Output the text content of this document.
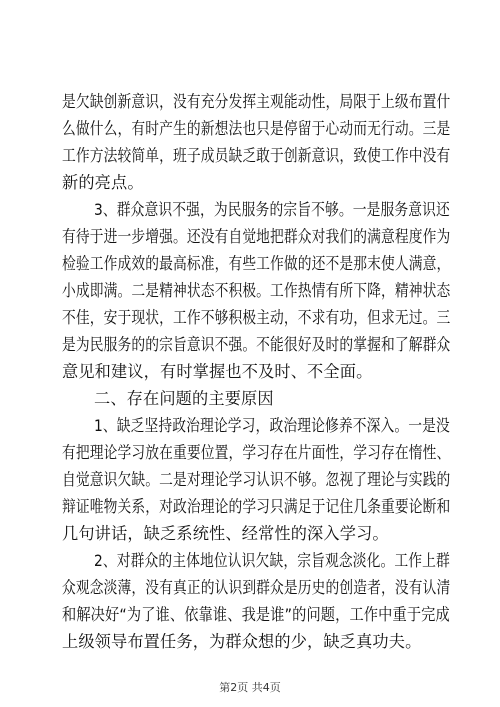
是欠缺创新意识，没有充分发挥主观能动性，局限于上级布置什
么做什么，有时产生的新想法也只是停留于心动而无行动。三是
工作方法较简单，班子成员缺乏敢于创新意识，致使工作中没有
新的亮点。
3、群众意识不强，为民服务的宗旨不够。一是服务意识还
有待于进一步增强。还没有自觉地把群众对我们的满意程度作为
检验工作成效的最高标准，有些工作做的还不是那末使人满意，
小成即满。二是精神状态不积极。工作热情有所下降，精神状态
不佳，安于现状，工作不够积极主动，不求有功，但求无过。三
是为民服务的的宗旨意识不强。不能很好及时的掌握和了解群众
意见和建议，有时掌握也不及时、不全面。
二、存在问题的主要原因
1、缺乏坚持政治理论学习，政治理论修养不深入。一是没
有把理论学习放在重要位置，学习存在片面性，学习存在惰性、
自觉意识欠缺。二是对理论学习认识不够。忽视了理论与实践的
辩证唯物关系，对政治理论的学习只满足于记住几条重要论断和
几句讲话，缺乏系统性、经常性的深入学习。
2、对群众的主体地位认识欠缺，宗旨观念淡化。工作上群
众观念淡薄，没有真正的认识到群众是历史的创造者，没有认清
和解决好“为了谁、依靠谁、我是谁”的问题，工作中重于完成
上级领导布置任务，为群众想的少，缺乏真功夫。
第2页 共4页
